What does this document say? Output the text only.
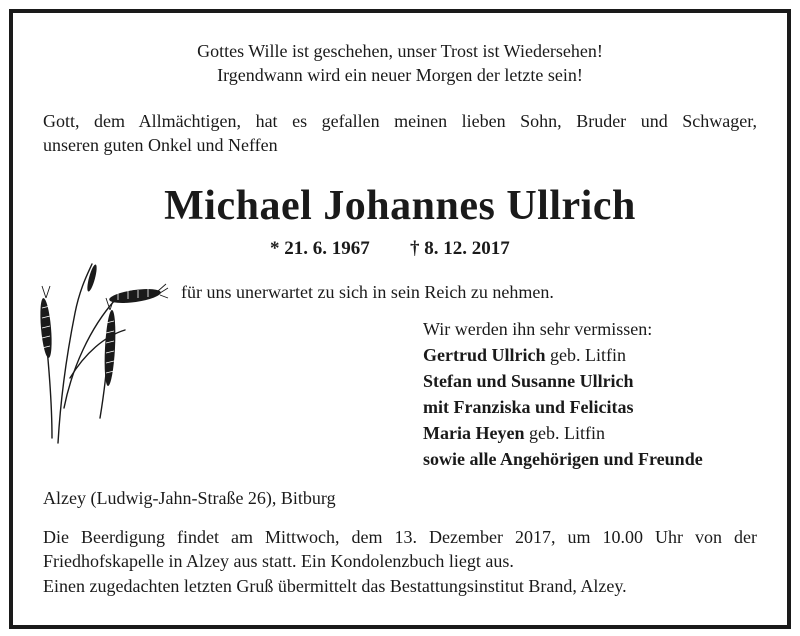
Gottes Wille ist geschehen, unser Trost ist Wiedersehen!
Irgendwann wird ein neuer Morgen der letzte sein!
Gott, dem Allmächtigen, hat es gefallen meinen lieben Sohn, Bruder und Schwager,
unseren guten Onkel und Neffen
Michael Johannes Ullrich
* 21. 6. 1967 † 8. 12. 2017
für uns unerwartet zu sich in sein Reich zu nehmen.
Wir werden ihn sehr vermissen:
Gertrud Ullrich geb. Litfin
Stefan und Susanne Ullrich
mit Franziska und Felicitas
Maria Heyen geb. Litfin
sowie alle Angehörigen und Freunde
Alzey (Ludwig-Jahn-Straße 26), Bitburg
Die Beerdigung findet am Mittwoch, dem 13. Dezember 2017, um 10.00 Uhr von der
Friedhofskapelle in Alzey aus statt. Ein Kondolenzbuch liegt aus.
Einen zugedachten letzten Gruß übermittelt das Bestattungsinstitut Brand, Alzey.
